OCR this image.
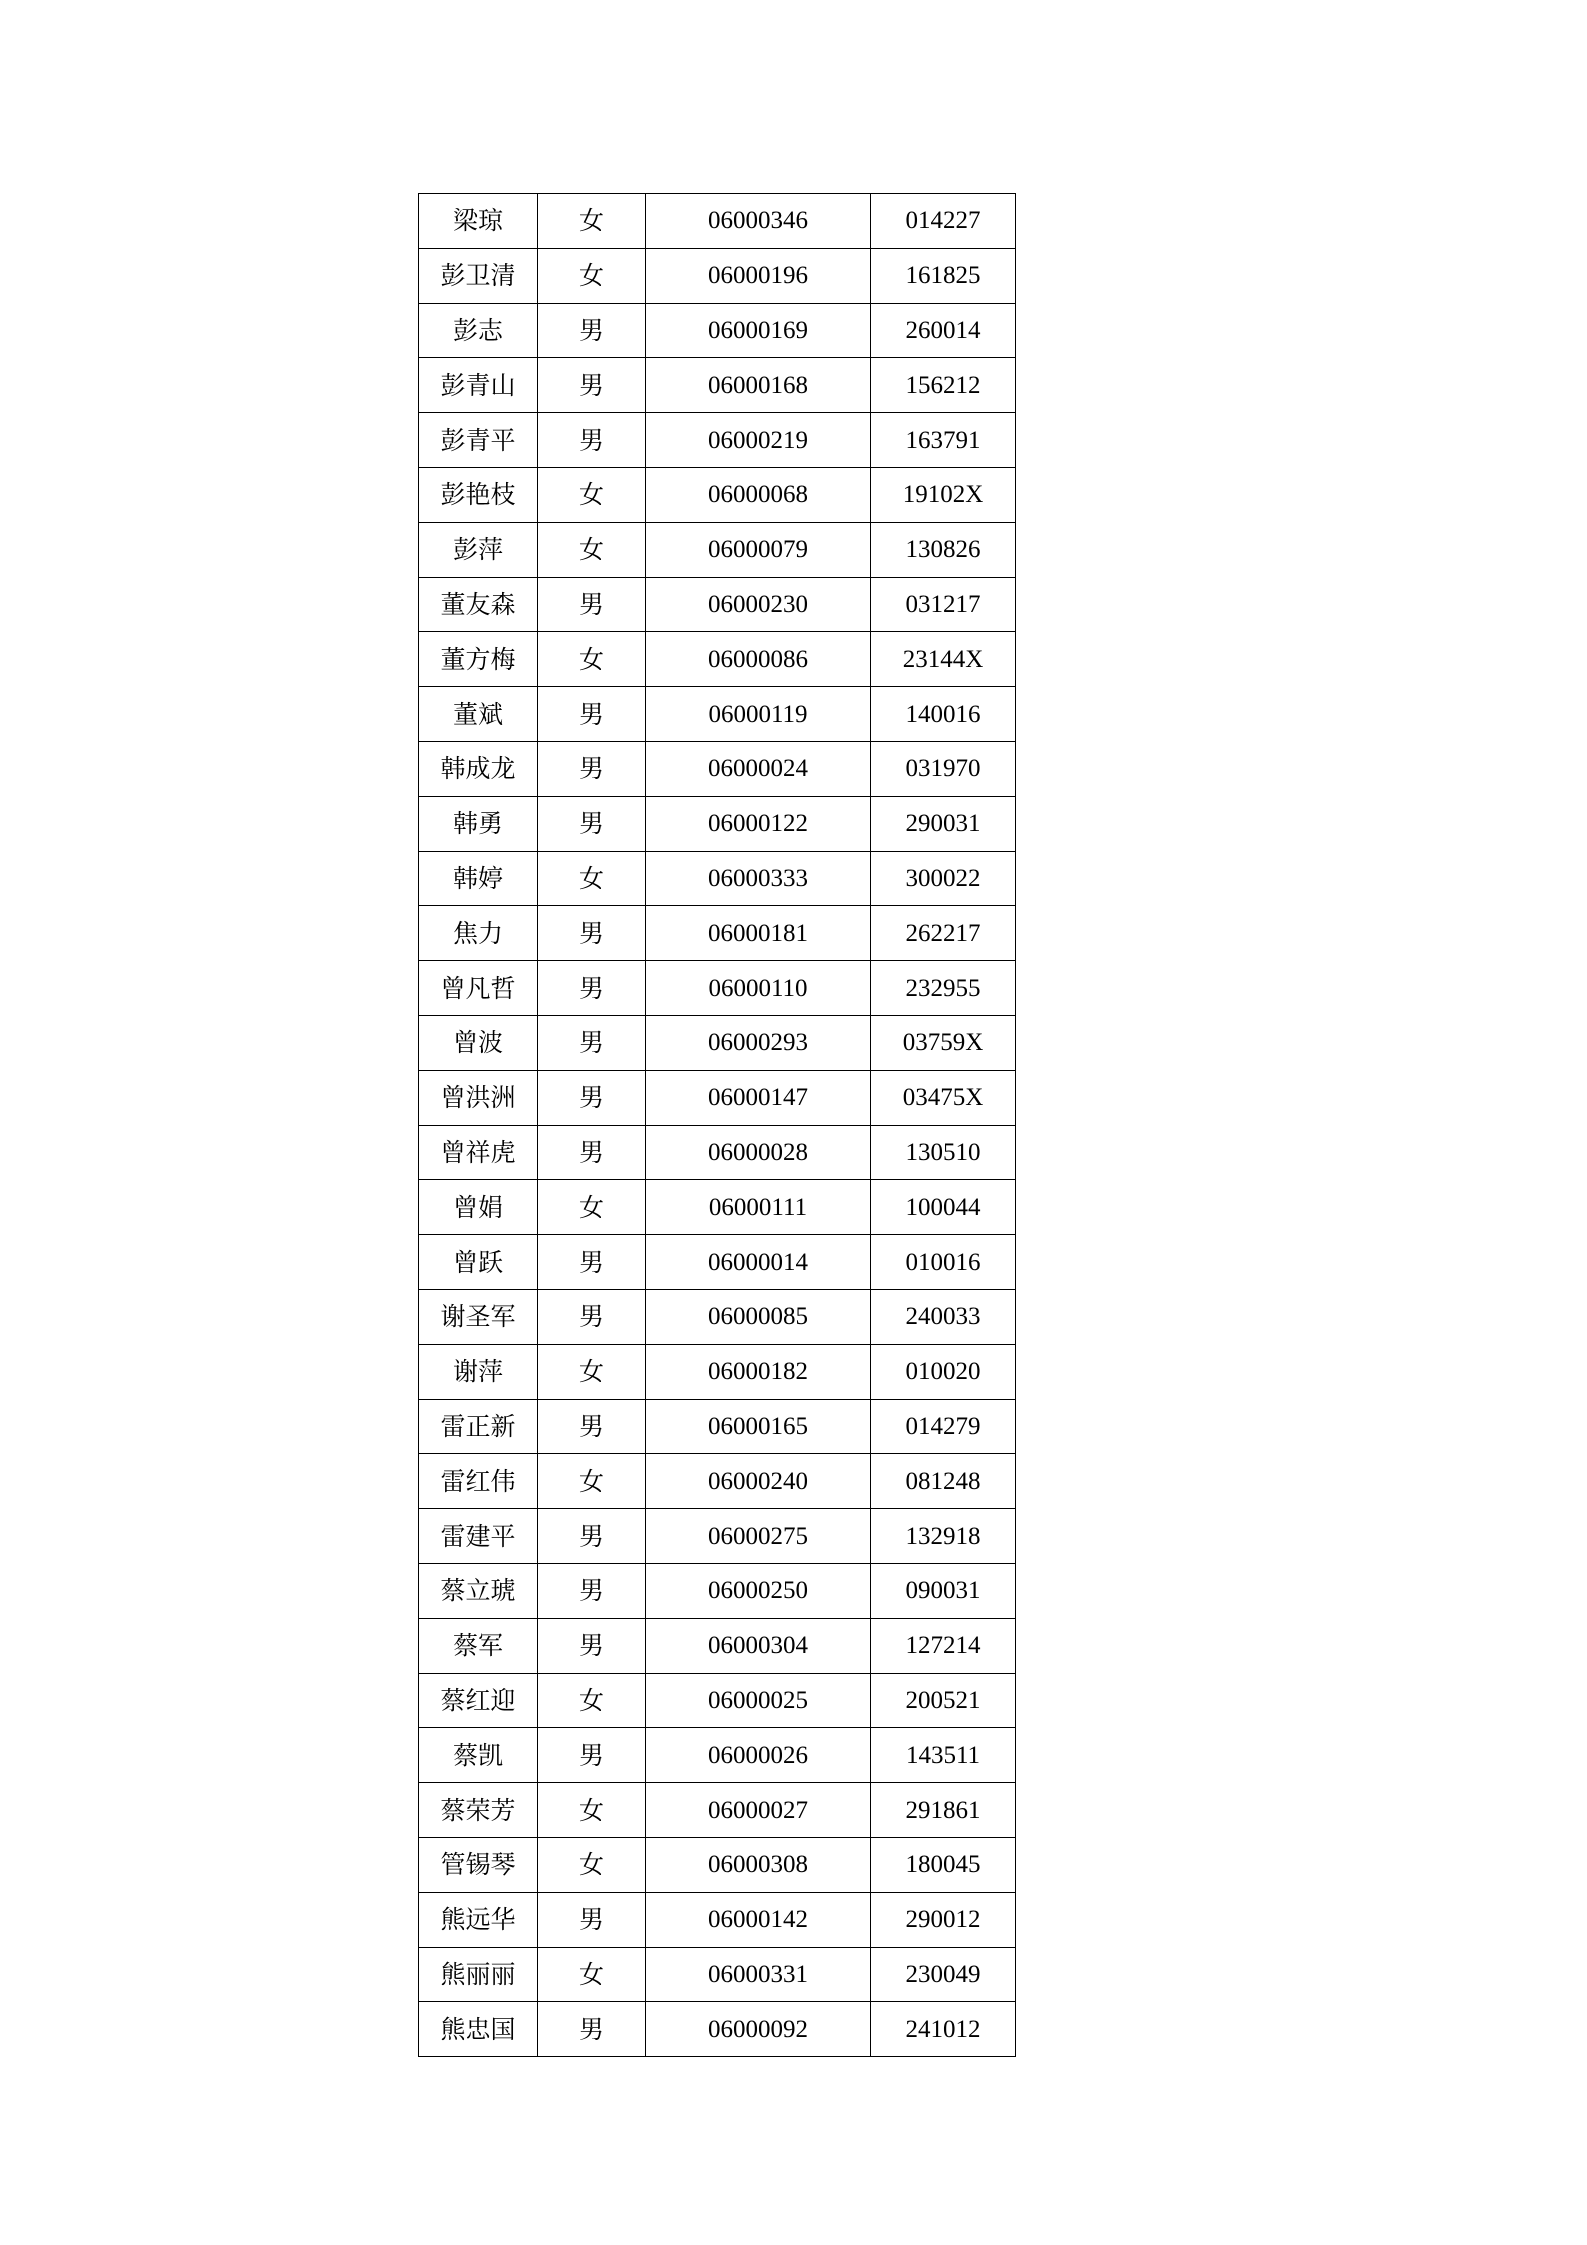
梁琼	女	06000346	014227
彭卫清	女	06000196	161825
彭志	男	06000169	260014
彭青山	男	06000168	156212
彭青平	男	06000219	163791
彭艳枝	女	06000068	19102X
彭萍	女	06000079	130826
董友森	男	06000230	031217
董方梅	女	06000086	23144X
董斌	男	06000119	140016
韩成龙	男	06000024	031970
韩勇	男	06000122	290031
韩婷	女	06000333	300022
焦力	男	06000181	262217
曾凡哲	男	06000110	232955
曾波	男	06000293	03759X
曾洪洲	男	06000147	03475X
曾祥虎	男	06000028	130510
曾娟	女	06000111	100044
曾跃	男	06000014	010016
谢圣军	男	06000085	240033
谢萍	女	06000182	010020
雷正新	男	06000165	014279
雷红伟	女	06000240	081248
雷建平	男	06000275	132918
蔡立琥	男	06000250	090031
蔡军	男	06000304	127214
蔡红迎	女	06000025	200521
蔡凯	男	06000026	143511
蔡荣芳	女	06000027	291861
管锡琴	女	06000308	180045
熊远华	男	06000142	290012
熊丽丽	女	06000331	230049
熊忠国	男	06000092	241012
